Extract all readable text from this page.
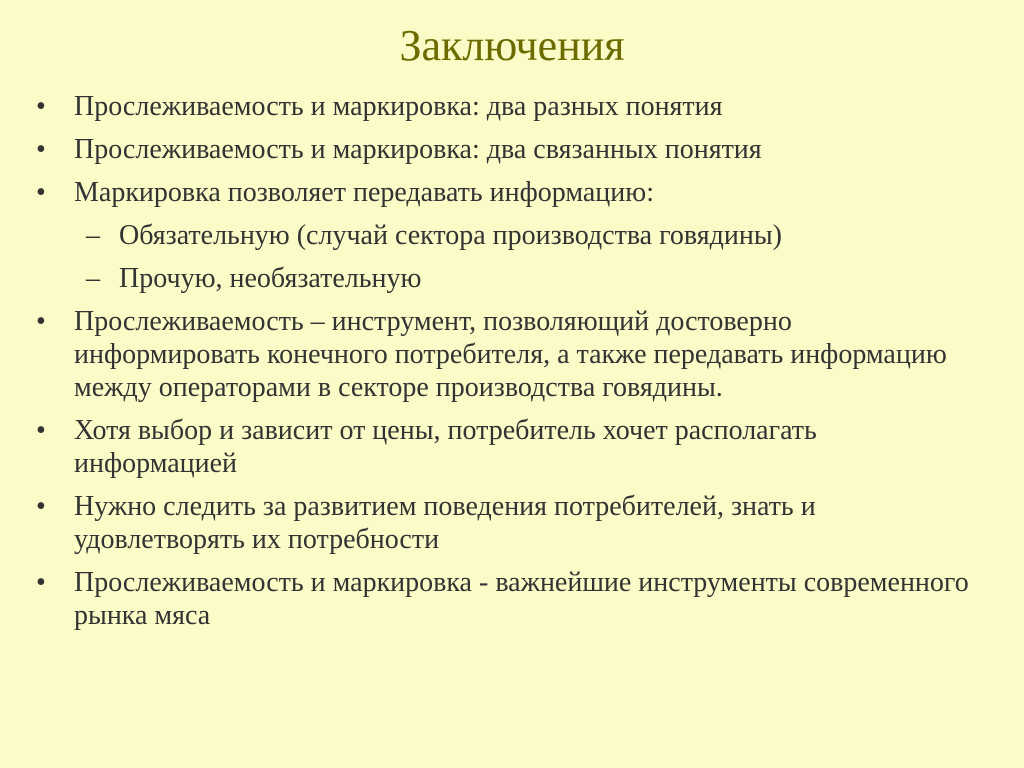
Заключения
• Прослеживаемость и маркировка: два разных понятия
• Прослеживаемость и маркировка: два связанных понятия
• Маркировка позволяет передавать информацию:
– Обязательную (случай сектора производства говядины)
– Прочую, необязательную
• Прослеживаемость – инструмент, позволяющий достоверно информировать конечного потребителя, а также передавать информацию между операторами в секторе производства говядины.
• Хотя выбор и зависит от цены, потребитель хочет располагать информацией
• Нужно следить за развитием поведения потребителей, знать и удовлетворять их потребности
• Прослеживаемость и маркировка - важнейшие инструменты современного рынка мяса
